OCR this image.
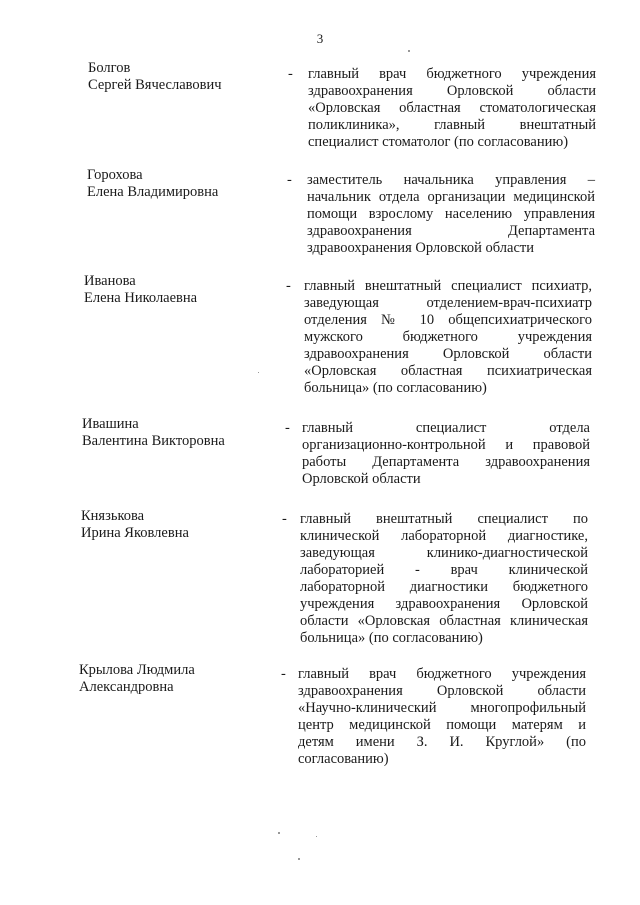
3
Болгов
Сергей Вячеславович
- главный врач бюджетного учреждения
здравоохранения Орловской области
«Орловская областная стоматологическая
поликлиника», главный внештатный
специалист стоматолог (по согласованию)
Горохова
Елена Владимировна
- заместитель начальника управления –
начальник отдела организации медицинской
помощи взрослому населению управления
здравоохранения Департамента
здравоохранения Орловской области
Иванова
Елена Николаевна
- главный внештатный специалист психиатр,
заведующая отделением-врач-психиатр
отделения № 10 общепсихиатрического
мужского бюджетного учреждения
здравоохранения Орловской области
«Орловская областная психиатрическая
больница» (по согласованию)
Ивашина
Валентина Викторовна
- главный специалист отдела
организационно-контрольной и правовой
работы Департамента здравоохранения
Орловской области
Князькова
Ирина Яковлевна
- главный внештатный специалист по
клинической лабораторной диагностике,
заведующая клинико-диагностической
лабораторией - врач клинической
лабораторной диагностики бюджетного
учреждения здравоохранения Орловской
области «Орловская областная клиническая
больница» (по согласованию)
Крылова Людмила
Александровна
- главный врач бюджетного учреждения
здравоохранения Орловской области
«Научно-клинический многопрофильный
центр медицинской помощи матерям и
детям имени З. И. Круглой» (по
согласованию)
